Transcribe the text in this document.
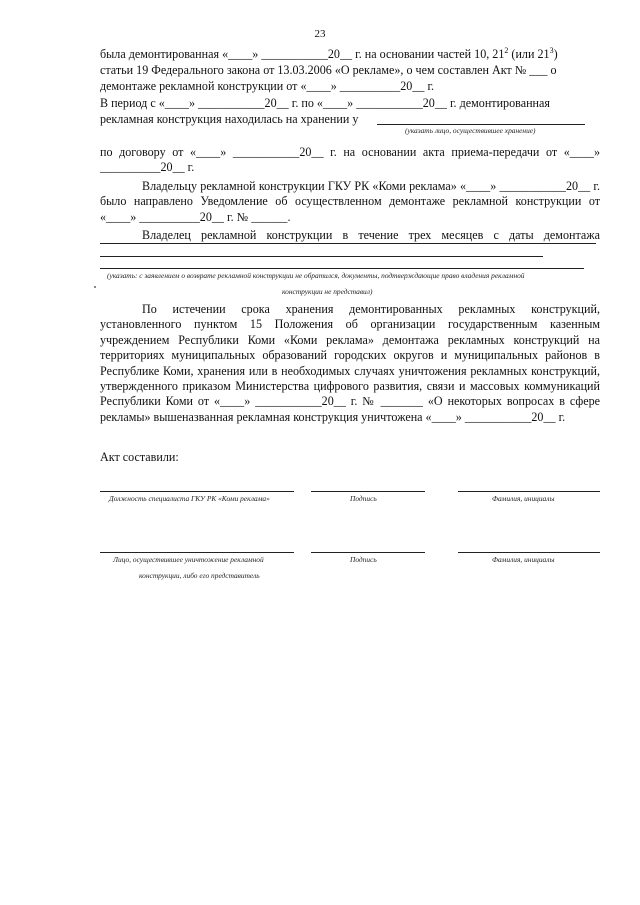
23

была демонтированная «____» ___________20__ г. на основании частей 10, $21^2$ (или $21^3$)

статьи 19 Федерального закона от 13.03.2006 «О рекламе», о чем составлен Акт № ___ о

демонтаже рекламной конструкции от «____» __________20__ г.

В период с «____» ___________20__ г. по «____» ___________20__ г. демонтированная

рекламная конструкция находилась на хранении у

(указать лицо, осуществившее хранение)

по договору от «____» ___________20__ г. на основании акта приема-передачи от «____» __________20__ г.

Владельцу рекламной конструкции ГКУ РК «Коми реклама» «____» ___________20__ г. было направлено Уведомление об осуществленном демонтаже рекламной конструкции от «____» __________20__ г. № ______.

Владелец рекламной конструкции в течение трех месяцев с даты демонтажа

(указать: с заявлением о возврате рекламной конструкции не обратился, документы, подтверждающие право владения рекламной
конструкции не представил)

По истечении срока хранения демонтированных рекламных конструкций, установленного пунктом 15 Положения об организации государственным казенным учреждением Республики Коми «Коми реклама» демонтажа рекламных конструкций на территориях муниципальных образований городских округов и муниципальных районов в Республике Коми, хранения или в необходимых случаях уничтожения рекламных конструкций, утвержденного приказом Министерства цифрового развития, связи и массовых коммуникаций Республики Коми от «____» ___________20__ г. № _______ «О некоторых вопросах в сфере рекламы» вышеназванная рекламная конструкция уничтожена «____» ___________20__ г.

Акт составили:

Должность специалиста ГКУ РК «Коми реклама»	Подпись	Фамилия, инициалы
Лицо, осуществившее уничтожение рекламной
конструкции, либо его представитель
Подпись	Фамилия, инициалы
